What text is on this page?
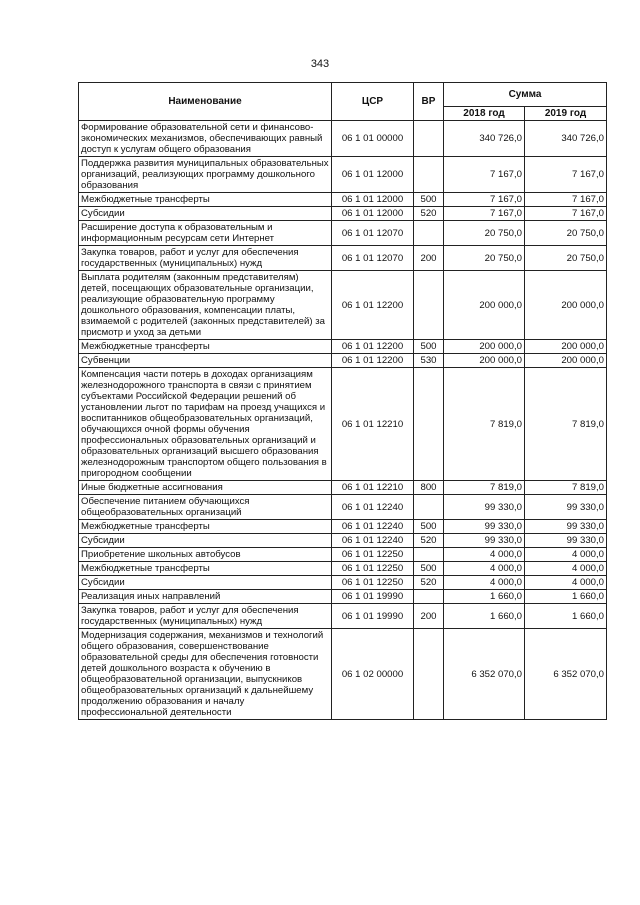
343
Наименование	ЦСР	ВР	Сумма	
			2018 год	2019 год
Формирование образовательной сети и финансово-экономических механизмов, обеспечивающих равный доступ к услугам общего образования	06 1 01 00000		340 726,0	340 726,0
Поддержка развития муниципальных образовательных организаций, реализующих программу дошкольного образования	06 1 01 12000		7 167,0	7 167,0
Межбюджетные трансферты	06 1 01 12000	500	7 167,0	7 167,0
Субсидии	06 1 01 12000	520	7 167,0	7 167,0
Расширение доступа к образовательным и информационным ресурсам сети Интернет	06 1 01 12070		20 750,0	20 750,0
Закупка товаров, работ и услуг для обеспечения государственных (муниципальных) нужд	06 1 01 12070	200	20 750,0	20 750,0
Выплата родителям (законным представителям) детей, посещающих образовательные организации, реализующие образовательную программу дошкольного образования, компенсации платы, взимаемой с родителей (законных представителей) за присмотр и уход за детьми	06 1 01 12200		200 000,0	200 000,0
Межбюджетные трансферты	06 1 01 12200	500	200 000,0	200 000,0
Субвенции	06 1 01 12200	530	200 000,0	200 000,0
Компенсация части потерь в доходах организациям железнодорожного транспорта в связи с принятием субъектами Российской Федерации решений об установлении льгот по тарифам на проезд учащихся и воспитанников общеобразовательных организаций, обучающихся очной формы обучения профессиональных образовательных организаций и образовательных организаций высшего образования железнодорожным транспортом общего пользования в пригородном сообщении	06 1 01 12210		7 819,0	7 819,0
Иные бюджетные ассигнования	06 1 01 12210	800	7 819,0	7 819,0
Обеспечение питанием обучающихся общеобразовательных организаций	06 1 01 12240		99 330,0	99 330,0
Межбюджетные трансферты	06 1 01 12240	500	99 330,0	99 330,0
Субсидии	06 1 01 12240	520	99 330,0	99 330,0
Приобретение школьных автобусов	06 1 01 12250		4 000,0	4 000,0
Межбюджетные трансферты	06 1 01 12250	500	4 000,0	4 000,0
Субсидии	06 1 01 12250	520	4 000,0	4 000,0
Реализация иных направлений	06 1 01 19990		1 660,0	1 660,0
Закупка товаров, работ и услуг для обеспечения государственных (муниципальных) нужд	06 1 01 19990	200	1 660,0	1 660,0
Модернизация содержания, механизмов и технологий общего образования, совершенствование образовательной среды для обеспечения готовности детей дошкольного возраста к обучению в общеобразовательной организации, выпускников общеобразовательных организаций к дальнейшему продолжению образования и началу профессиональной деятельности	06 1 02 00000		6 352 070,0	6 352 070,0
